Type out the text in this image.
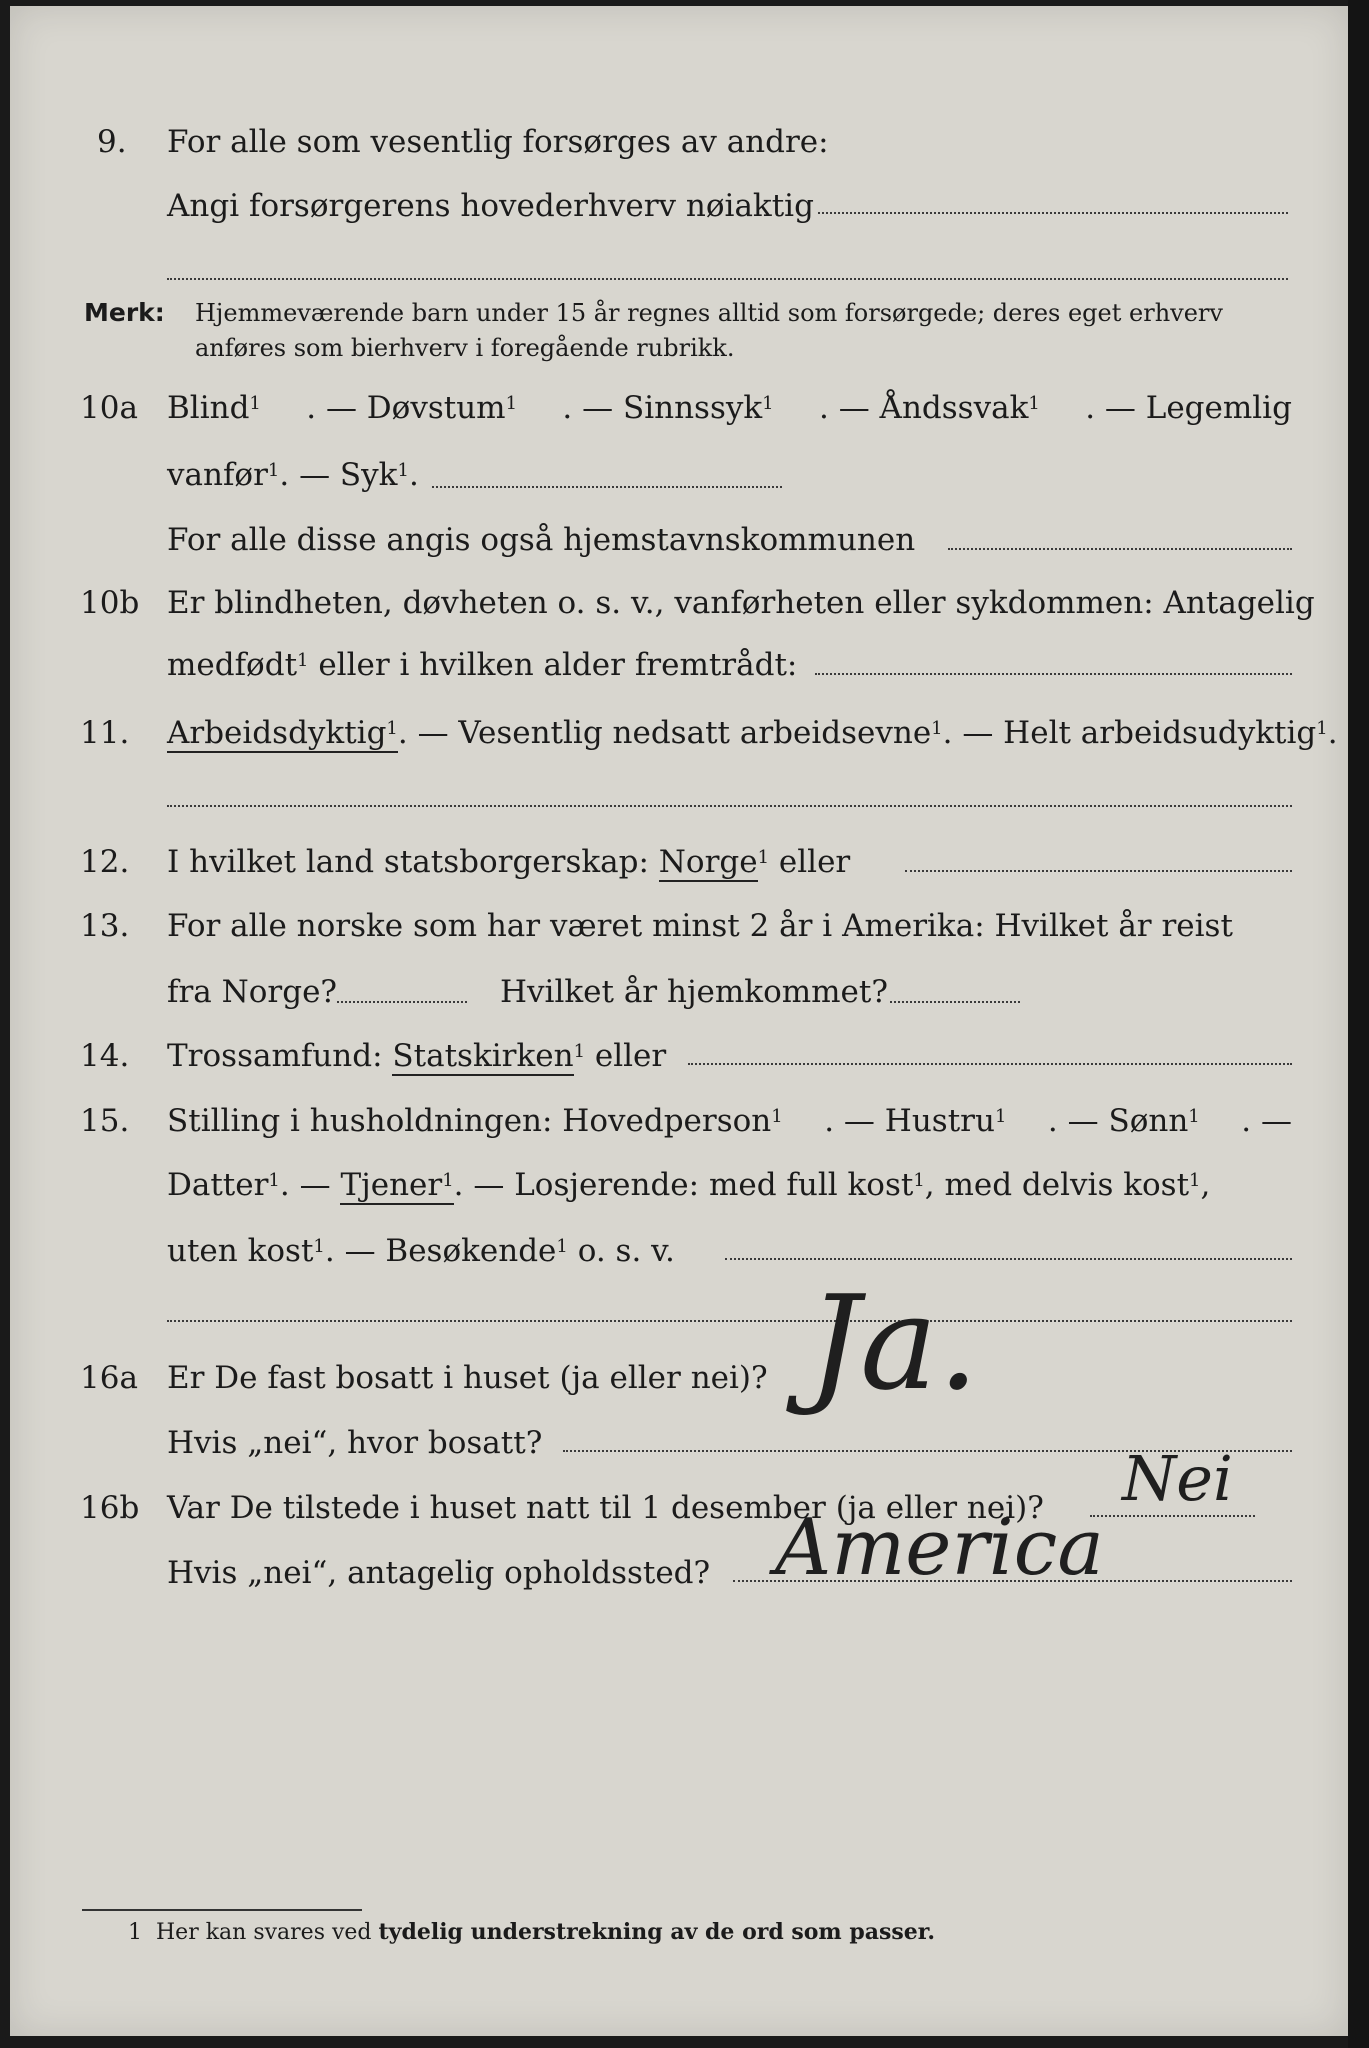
9. For alle som vesentlig forsørges av andre:
Angi forsørgerens hovederhverv nøiaktig
Merk: Hjemmeværende barn under 15 år regnes alltid som forsørgede; deres eget erhverv
anføres som bierhverv i foregående rubrikk.
10a Blind$^1$ . — Døvstum$^1$ . — Sinnssyk$^1$ . — Åndssvak$^1$ . — Legemlig
vanfør$^1$. — Syk$^1$.
For alle disse angis også hjemstavnskommunen
10b Er blindheten, døvheten o. s. v., vanførheten eller sykdommen: Antagelig
medfødt$^1$ eller i hvilken alder fremtrådt:
11. Arbeidsdyktig$^1$. — Vesentlig nedsatt arbeidsevne$^1$. — Helt arbeidsudyktig$^1$.
12. I hvilket land statsborgerskap: Norge$^1$ eller
13. For alle norske som har været minst 2 år i Amerika: Hvilket år reist
fra Norge?	Hvilket år hjemkommet?
14. Trossamfund: Statskirken$^1$ eller
15. Stilling i husholdningen: Hovedperson$^1$ . — Hustru$^1$ . — Sønn$^1$ . —
Datter$^1$. — Tjener$^1$. — Losjerende: med full kost$^1$, med delvis kost$^1$,
uten kost$^1$. — Besøkende$^1$ o. s. v.
16a Er De fast bosatt i huset (ja eller nei)? Ja.
Hvis „nei“, hvor bosatt?
16b Var De tilstede i huset natt til 1 desember (ja eller nei)? Nei
Hvis „nei“, antagelig opholdssted? America
1 Her kan svares ved tydelig understrekning av de ord som passer.
